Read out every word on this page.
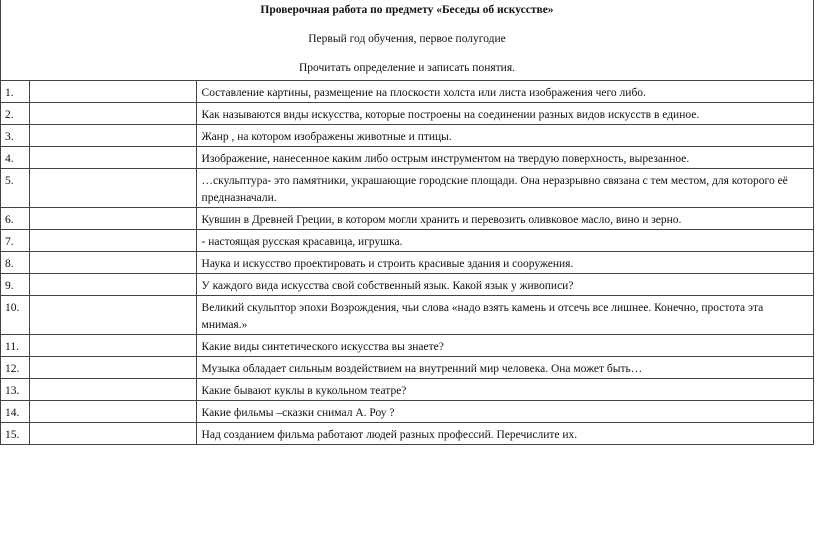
Проверочная работа по предмету «Беседы об искусстве»
Первый год обучения, первое полугодие
Прочитать определение и записать понятия.		

1.		Составление картины, размещение на плоскости холста или листа изображения чего либо.
2.		Как называются виды искусства, которые построены на соединении разных видов искусств в единое.
3.		Жанр , на котором изображены животные и птицы.
4.		Изображение, нанесенное каким либо острым инструментом на твердую поверхность, вырезанное.
5.		…скульптура- это памятники, украшающие городские площади. Она неразрывно связана с тем местом, для которого её предназначали.
6.		Кувшин в Древней Греции, в котором могли хранить и перевозить оливковое масло, вино и зерно.
7.		- настоящая русская красавица, игрушка.
8.		Наука и искусство проектировать и строить красивые здания и сооружения.
9.		У каждого вида искусства свой собственный язык. Какой язык у живописи?
10.		Великий скульптор эпохи Возрождения, чьи слова «надо взять камень и отсечь все лишнее. Конечно, простота эта мнимая.»
11.		Какие виды синтетического искусства вы знаете?
12.		Музыка обладает сильным воздействием на внутренний мир человека. Она может быть…
13.		Какие бывают куклы в кукольном театре?
14.		Какие фильмы –сказки снимал А. Роу ?
15.		Над созданием фильма работают людей разных профессий. Перечислите их.
